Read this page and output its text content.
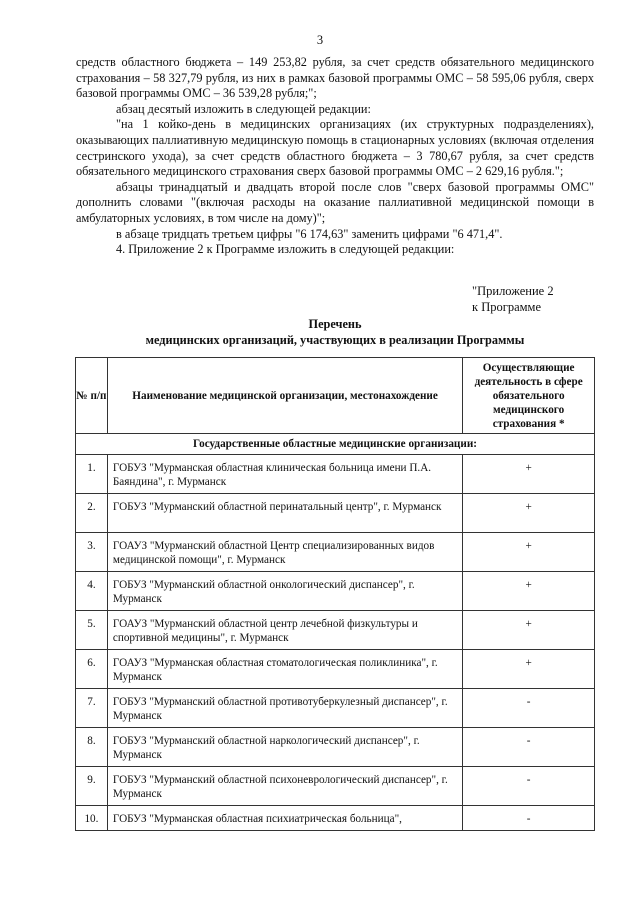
3

средств областного бюджета – 149 253,82 рубля, за счет средств обязательного медицинского страхования – 58 327,79 рубля, из них в рамках базовой программы ОМС – 58 595,06 рубля, сверх базовой программы ОМС – 36 539,28 рубля;";

абзац десятый изложить в следующей редакции:

"на 1 койко-день в медицинских организациях (их структурных подразделениях), оказывающих паллиативную медицинскую помощь в стационарных условиях (включая отделения сестринского ухода), за счет средств областного бюджета – 3 780,67 рубля, за счет средств обязательного медицинского страхования сверх базовой программы ОМС – 2 629,16 рубля.";

абзацы тринадцатый и двадцать второй после слов "сверх базовой программы ОМС" дополнить словами "(включая расходы на оказание паллиативной медицинской помощи в амбулаторных условиях, в том числе на дому)";

в абзаце тридцать третьем цифры "6 174,63" заменить цифрами "6 471,4".

4. Приложение 2 к Программе изложить в следующей редакции:

"Приложение 2
к Программе
Перечень
медицинских организаций, участвующих в реализации Программы
№ п/п	Наименование медицинской организации, местонахождение	Осуществляющие деятельность в сфере обязательного медицинского страхования *
Государственные областные медицинские организации:		
1.	ГОБУЗ "Мурманская областная клиническая больница имени П.А. Баяндина", г. Мурманск	+
2.	ГОБУЗ "Мурманский областной перинатальный центр", г. Мурманск	+
3.	ГОАУЗ "Мурманский областной Центр специализированных видов медицинской помощи", г. Мурманск	+
4.	ГОБУЗ "Мурманский областной онкологический диспансер", г. Мурманск	+
5.	ГОАУЗ "Мурманский областной центр лечебной физкультуры и спортивной медицины", г. Мурманск	+
6.	ГОАУЗ "Мурманская областная стоматологическая поликлиника", г. Мурманск	+
7.	ГОБУЗ "Мурманский областной противотуберкулезный диспансер", г. Мурманск	-
8.	ГОБУЗ "Мурманский областной наркологический диспансер", г. Мурманск	-
9.	ГОБУЗ "Мурманский областной психоневрологический диспансер", г. Мурманск	-
10.	ГОБУЗ "Мурманская областная психиатрическая больница",	-
